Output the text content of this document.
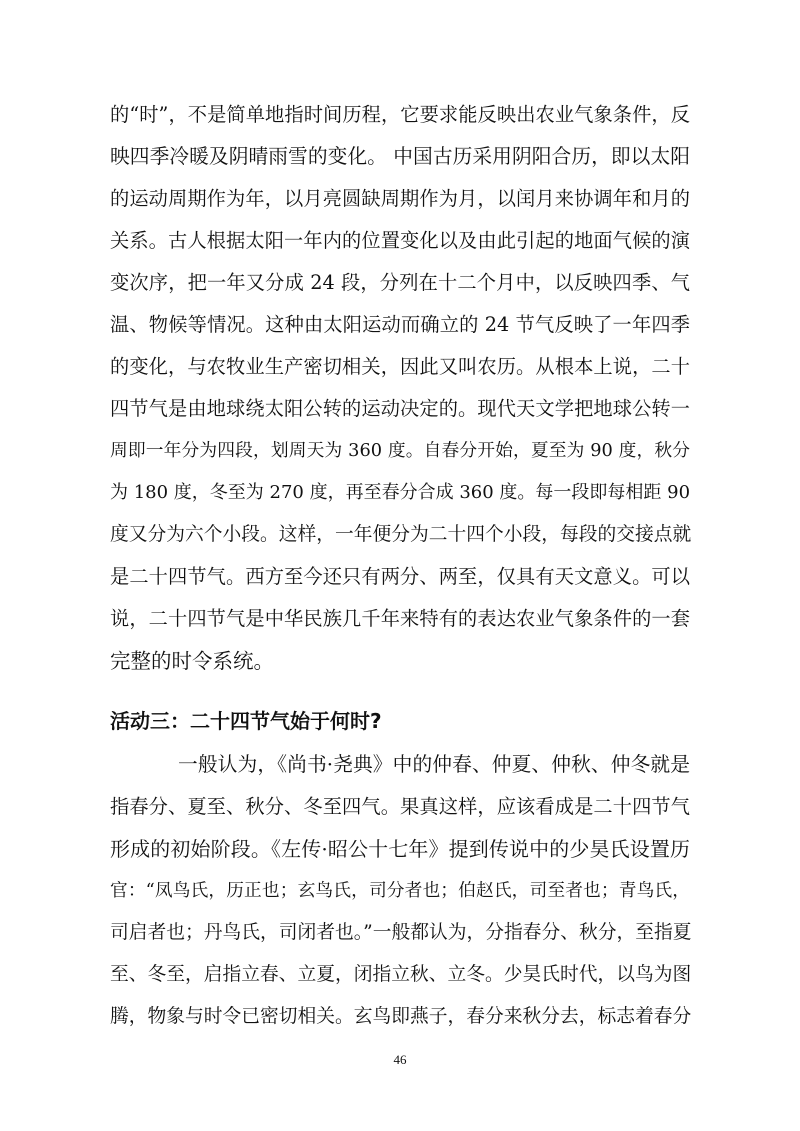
的“时”，不是简单地指时间历程，它要求能反映出农业气象条件，反
映四季冷暖及阴晴雨雪的变化。 中国古历采用阴阳合历，即以太阳
的运动周期作为年，以月亮圆缺周期作为月，以闰月来协调年和月的
关系。古人根据太阳一年内的位置变化以及由此引起的地面气候的演
变次序，把一年又分成 24 段，分列在十二个月中，以反映四季、气
温、物候等情况。这种由太阳运动而确立的 24 节气反映了一年四季
的变化，与农牧业生产密切相关，因此又叫农历。从根本上说，二十
四节气是由地球绕太阳公转的运动决定的。现代天文学把地球公转一
周即一年分为四段，划周天为 360 度。自春分开始，夏至为 90 度，秋分
为 180 度，冬至为 270 度，再至春分合成 360 度。每一段即每相距 90
度又分为六个小段。这样，一年便分为二十四个小段，每段的交接点就
是二十四节气。西方至今还只有两分、两至，仅具有天文意义。可以
说，二十四节气是中华民族几千年来特有的表达农业气象条件的一套
完整的时令系统。
活动三：二十四节气始于何时?
一般认为，《尚书·尧典》中的仲春、仲夏、仲秋、仲冬就是
指春分、夏至、秋分、冬至四气。果真这样，应该看成是二十四节气
形成的初始阶段。《左传·昭公十七年》提到传说中的少昊氏设置历
官：“凤鸟氏，历正也；玄鸟氏，司分者也；伯赵氏，司至者也；青鸟氏，
司启者也；丹鸟氏，司闭者也。”一般都认为，分指春分、秋分，至指夏
至、冬至，启指立春、立夏，闭指立秋、立冬。少昊氏时代，以鸟为图
腾，物象与时令已密切相关。玄鸟即燕子，春分来秋分去，标志着春分
46
